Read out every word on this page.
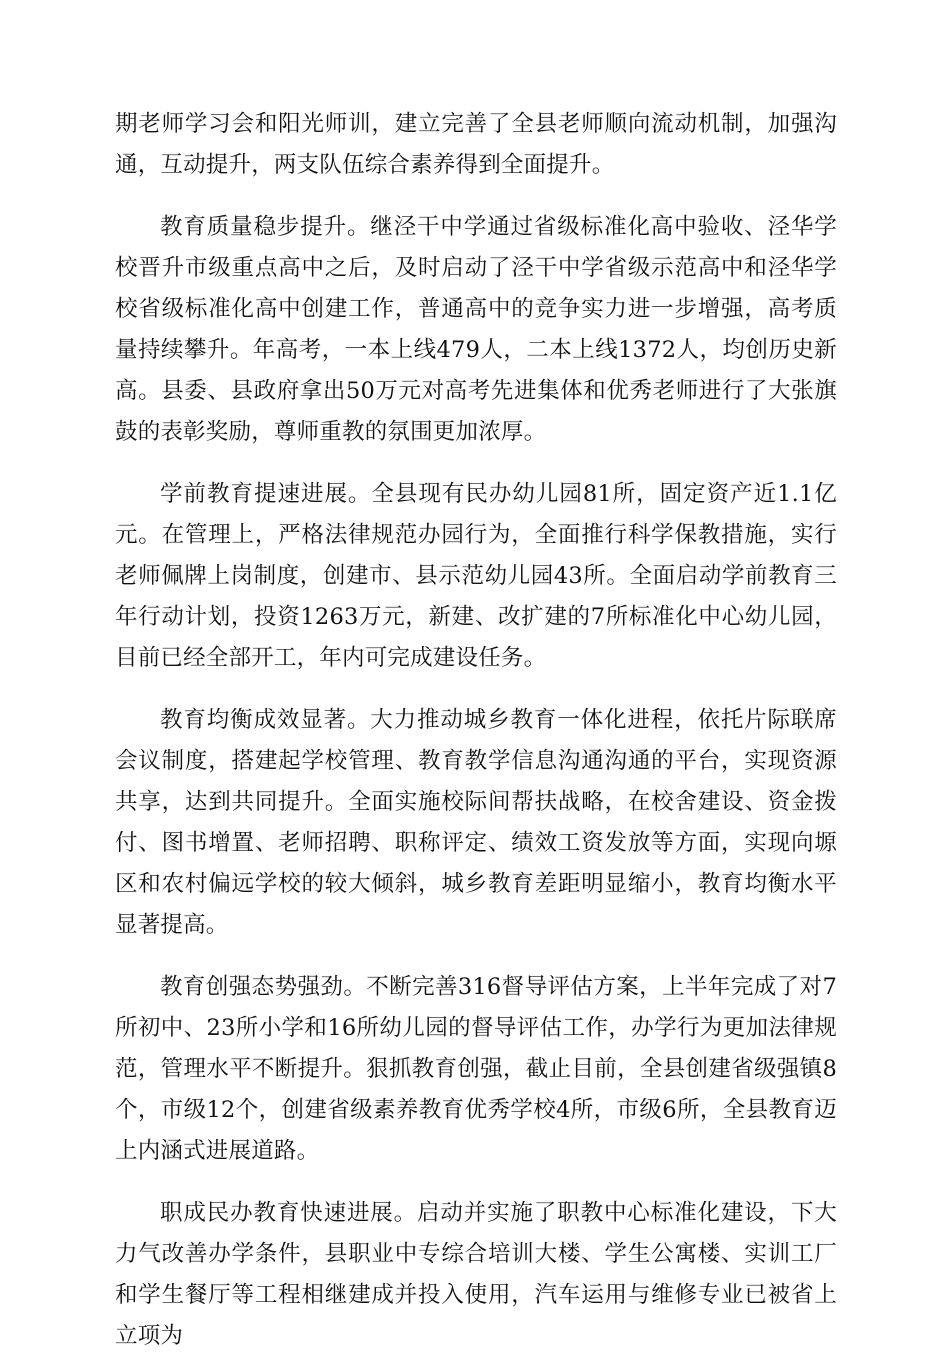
期老师学习会和阳光师训，建立完善了全县老师顺向流动机制，加强沟通，互动提升，两支队伍综合素养得到全面提升。

教育质量稳步提升。继泾干中学通过省级标准化高中验收、泾华学校晋升市级重点高中之后，及时启动了泾干中学省级示范高中和泾华学校省级标准化高中创建工作，普通高中的竞争实力进一步增强，高考质量持续攀升。年高考，一本上线479人，二本上线1372人，均创历史新高。县委、县政府拿出50万元对高考先进集体和优秀老师进行了大张旗鼓的表彰奖励，尊师重教的氛围更加浓厚。

学前教育提速进展。全县现有民办幼儿园81所，固定资产近1.1亿元。在管理上，严格法律规范办园行为，全面推行科学保教措施，实行老师佩牌上岗制度，创建市、县示范幼儿园43所。全面启动学前教育三年行动计划，投资1263万元，新建、改扩建的7所标准化中心幼儿园，目前已经全部开工，年内可完成建设任务。

教育均衡成效显著。大力推动城乡教育一体化进程，依托片际联席会议制度，搭建起学校管理、教育教学信息沟通沟通的平台，实现资源共享，达到共同提升。全面实施校际间帮扶战略，在校舍建设、资金拨付、图书增置、老师招聘、职称评定、绩效工资发放等方面，实现向塬区和农村偏远学校的较大倾斜，城乡教育差距明显缩小，教育均衡水平显著提高。

教育创强态势强劲。不断完善316督导评估方案，上半年完成了对7所初中、23所小学和16所幼儿园的督导评估工作，办学行为更加法律规范，管理水平不断提升。狠抓教育创强，截止目前，全县创建省级强镇8个，市级12个，创建省级素养教育优秀学校4所，市级6所，全县教育迈上内涵式进展道路。

职成民办教育快速进展。启动并实施了职教中心标准化建设，下大力气改善办学条件，县职业中专综合培训大楼、学生公寓楼、实训工厂和学生餐厅等工程相继建成并投入使用，汽车运用与维修专业已被省上立项为
